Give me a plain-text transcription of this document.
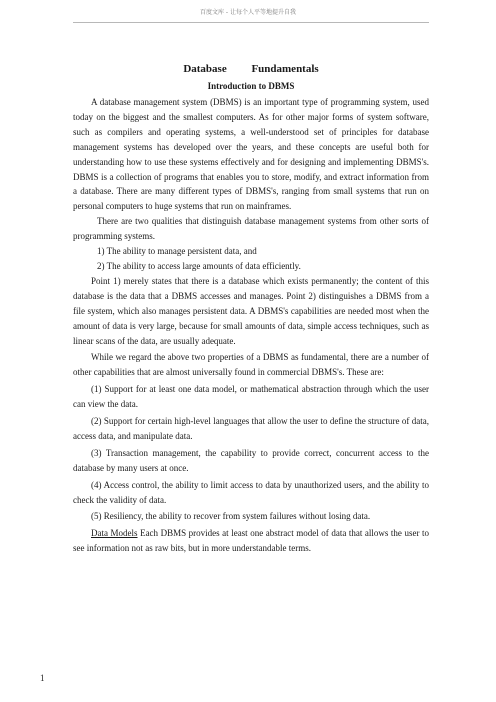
百度文库 - 让每个人平等地提升自我
Database Fundamentals
Introduction to DBMS

A database management system (DBMS) is an important type of programming system, used today on the biggest and the smallest computers. As for other major forms of system software, such as compilers and operating systems, a well-understood set of principles for database management systems has developed over the years, and these concepts are useful both for understanding how to use these systems effectively and for designing and implementing DBMS's. DBMS is a collection of programs that enables you to store, modify, and extract information from a database. There are many different types of DBMS's, ranging from small systems that run on personal computers to huge systems that run on mainframes.

There are two qualities that distinguish database management systems from other sorts of programming systems.

1) The ability to manage persistent data, and

2) The ability to access large amounts of data efficiently.

Point 1) merely states that there is a database which exists permanently; the content of this database is the data that a DBMS accesses and manages. Point 2) distinguishes a DBMS from a file system, which also manages persistent data. A DBMS's capabilities are needed most when the amount of data is very large, because for small amounts of data, simple access techniques, such as linear scans of the data, are usually adequate.

While we regard the above two properties of a DBMS as fundamental, there are a number of other capabilities that are almost universally found in commercial DBMS's. These are:

(1) Support for at least one data model, or mathematical abstraction through which the user can view the data.

(2) Support for certain high-level languages that allow the user to define the structure of data, access data, and manipulate data.

(3) Transaction management, the capability to provide correct, concurrent access to the database by many users at once.

(4) Access control, the ability to limit access to data by unauthorized users, and the ability to check the validity of data.

(5) Resiliency, the ability to recover from system failures without losing data.

Data Models Each DBMS provides at least one abstract model of data that allows the user to see information not as raw bits, but in more understandable terms.

1
